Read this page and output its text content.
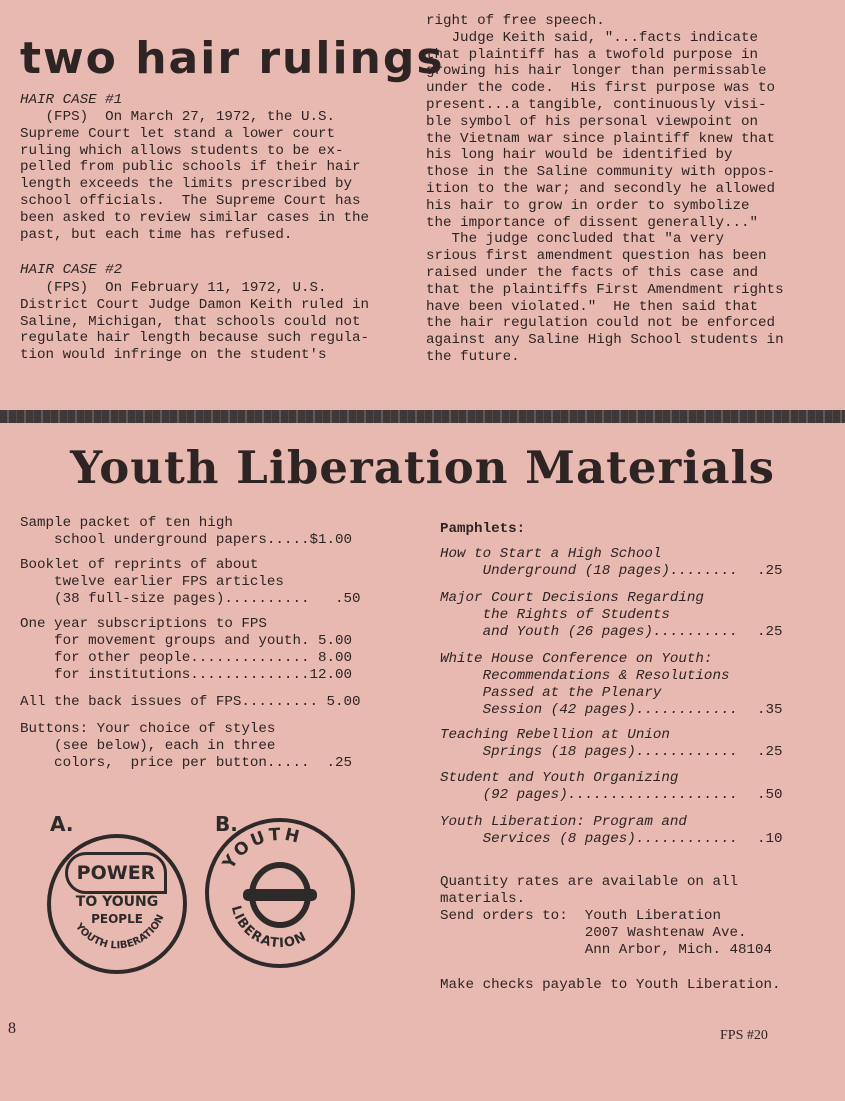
two hair rulings
HAIR CASE #1
(FPS)  On March 27, 1972, the U.S.
Supreme Court let stand a lower court
ruling which allows students to be ex-
pelled from public schools if their hair
length exceeds the limits prescribed by
school officials.  The Supreme Court has
been asked to review similar cases in the
past, but each time has refused.
HAIR CASE #2
(FPS)  On February 11, 1972, U.S.
District Court Judge Damon Keith ruled in
Saline, Michigan, that schools could not
regulate hair length because such regula-
tion would infringe on the student's
right of free speech.
Judge Keith said, "...facts indicate
that plaintiff has a twofold purpose in
growing his hair longer than permissable
under the code.  His first purpose was to
present...a tangible, continuously visi-
ble symbol of his personal viewpoint on
the Vietnam war since plaintiff knew that
his long hair would be identified by
those in the Saline community with oppos-
ition to the war; and secondly he allowed
his hair to grow in order to symbolize
the importance of dissent generally..."
The judge concluded that "a very
srious first amendment question has been
raised under the facts of this case and
that the plaintiffs First Amendment rights
have been violated."  He then said that
the hair regulation could not be enforced
against any Saline High School students in
the future.
Youth Liberation Materials
Sample packet of ten high
school underground papers.....$1.00
Booklet of reprints of about
twelve earlier FPS articles
(38 full-size pages)..........   .50
One year subscriptions to FPS
for movement groups and youth. 5.00
for other people.............. 8.00
for institutions..............12.00
All the back issues of FPS......... 5.00
Buttons: Your choice of styles
(see below), each in three
colors,  price per button.....  .25
Pamphlets:
How to Start a High School
Underground (18 pages)........ .25
Major Court Decisions Regarding
the Rights of Students
and Youth (26 pages).......... .25
White House Conference on Youth:
Recommendations & Resolutions
Passed at the Plenary
Session (42 pages)............ .35
Teaching Rebellion at Union
Springs (18 pages)............ .25
Student and Youth Organizing
(92 pages).................... .50
Youth Liberation: Program and
Services (8 pages)............ .10
Quantity rates are available on all
materials.
Send orders to:  Youth Liberation
2007 Washtenaw Ave.
Ann Arbor, Mich. 48104
Make checks payable to Youth Liberation.
A.
POWER
TO YOUNG
PEOPLE
YOUTH LIBERATION
B.
YOUTH
LIBERATION
8	FPS #20
